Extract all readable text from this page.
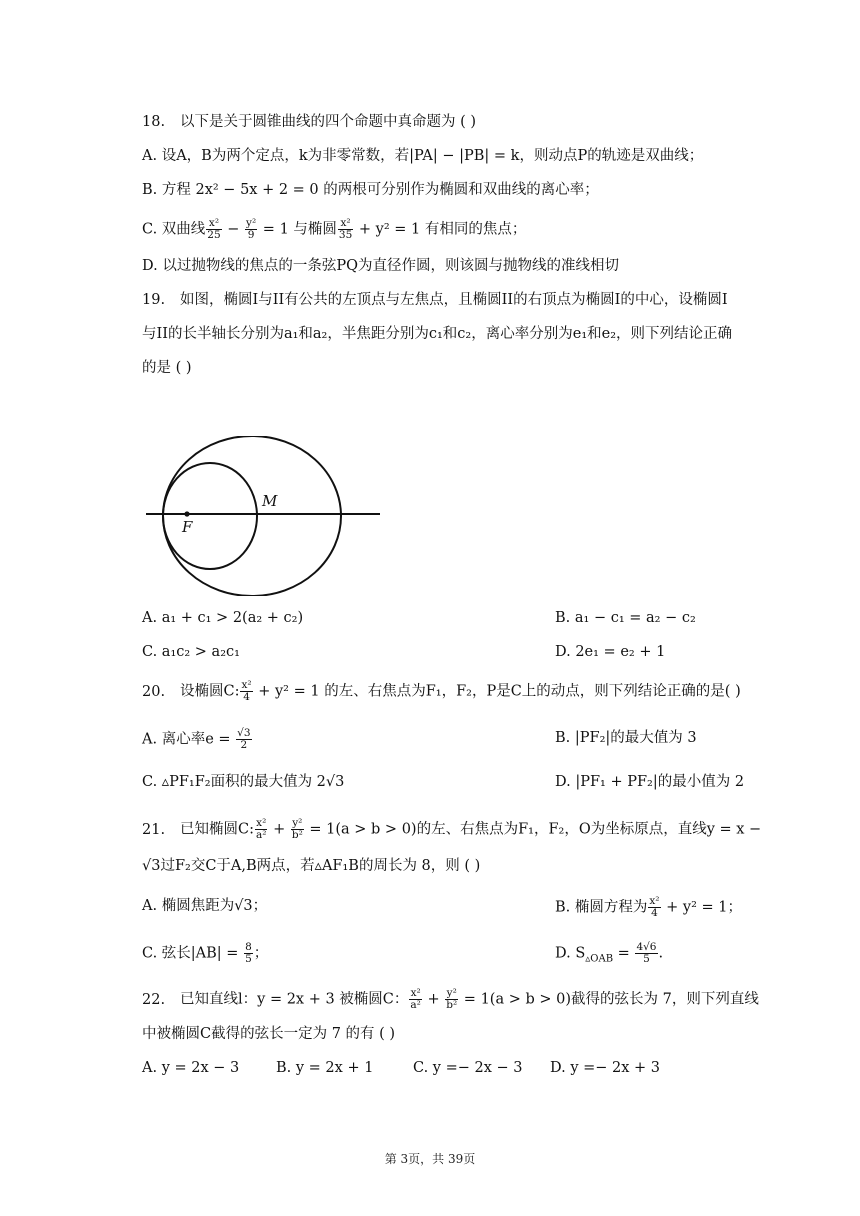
18. 以下是关于圆锥曲线的四个命题中真命题为 ( )
A. 设A，B为两个定点，k为非零常数，若|PA| − |PB| = k，则动点P的轨迹是双曲线；
B. 方程 2x² − 5x + 2 = 0 的两根可分别作为椭圆和双曲线的离心率；
C. 双曲线 $\frac{\text{x²}}{25} - \frac{\text{y²}}{9} = 1$ 与椭圆 $\frac{\text{x²}}{35} + y^2 = 1$ 有相同的焦点；
D. 以过抛物线的焦点的一条弦PQ为直径作圆，则该圆与抛物线的准线相切
19. 如图，椭圆I与II有公共的左顶点与左焦点，且椭圆II的右顶点为椭圆I的中心，设椭圆I
与II的长半轴长分别为a₁和a₂，半焦距分别为c₁和c₂，离心率分别为e₁和e₂，则下列结论正确
的是 ( )
F
M
A. a₁ + c₁ > 2(a₂ + c₂)	B. a₁ − c₁ = a₂ − c₂
C. a₁c₂ > a₂c₁	D. 2e₁ = e₂ + 1
20. 设椭圆C: $\frac{\text{x²}}{4} + y^2 = 1$ 的左、右焦点为F₁，F₂，P是C上的动点，则下列结论正确的是( )
A. 离心率$e = \frac{√3}{2}$	B. |PF₂|的最大值为 3
C. ▵PF₁F₂面积的最大值为 2√3	D. |PF₁ + PF₂|的最小值为 2
21. 已知椭圆C: $\frac{\text{x²}}{\text{a²}} + \frac{\text{y²}}{\text{b²}} = 1(a > b > 0)$的左、右焦点为F₁，F₂，O为坐标原点，直线y = x −
√3过F₂交C于A,B两点，若▵AF₁B的周长为 8，则 ( )
A. 椭圆焦距为√3；	B. 椭圆方程为 $\frac{\text{x²}}{4} + y^2 = 1$；
C. 弦长$|AB| = \frac{8}{5}$ ；	D. $S_{▵OAB} = \frac{4√6}{5}$ .
22. 已知直线l：y = 2x + 3 被椭圆C： $\frac{\text{x²}}{\text{a²}} + \frac{\text{y²}}{\text{b²}} = 1(a > b > 0)$截得的弦长为 7，则下列直线
中被椭圆C截得的弦长一定为 7 的有 ( )
A. y = 2x − 3	B. y = 2x + 1	C. y =− 2x − 3 D. y =− 2x + 3
第 3页，共 39页
